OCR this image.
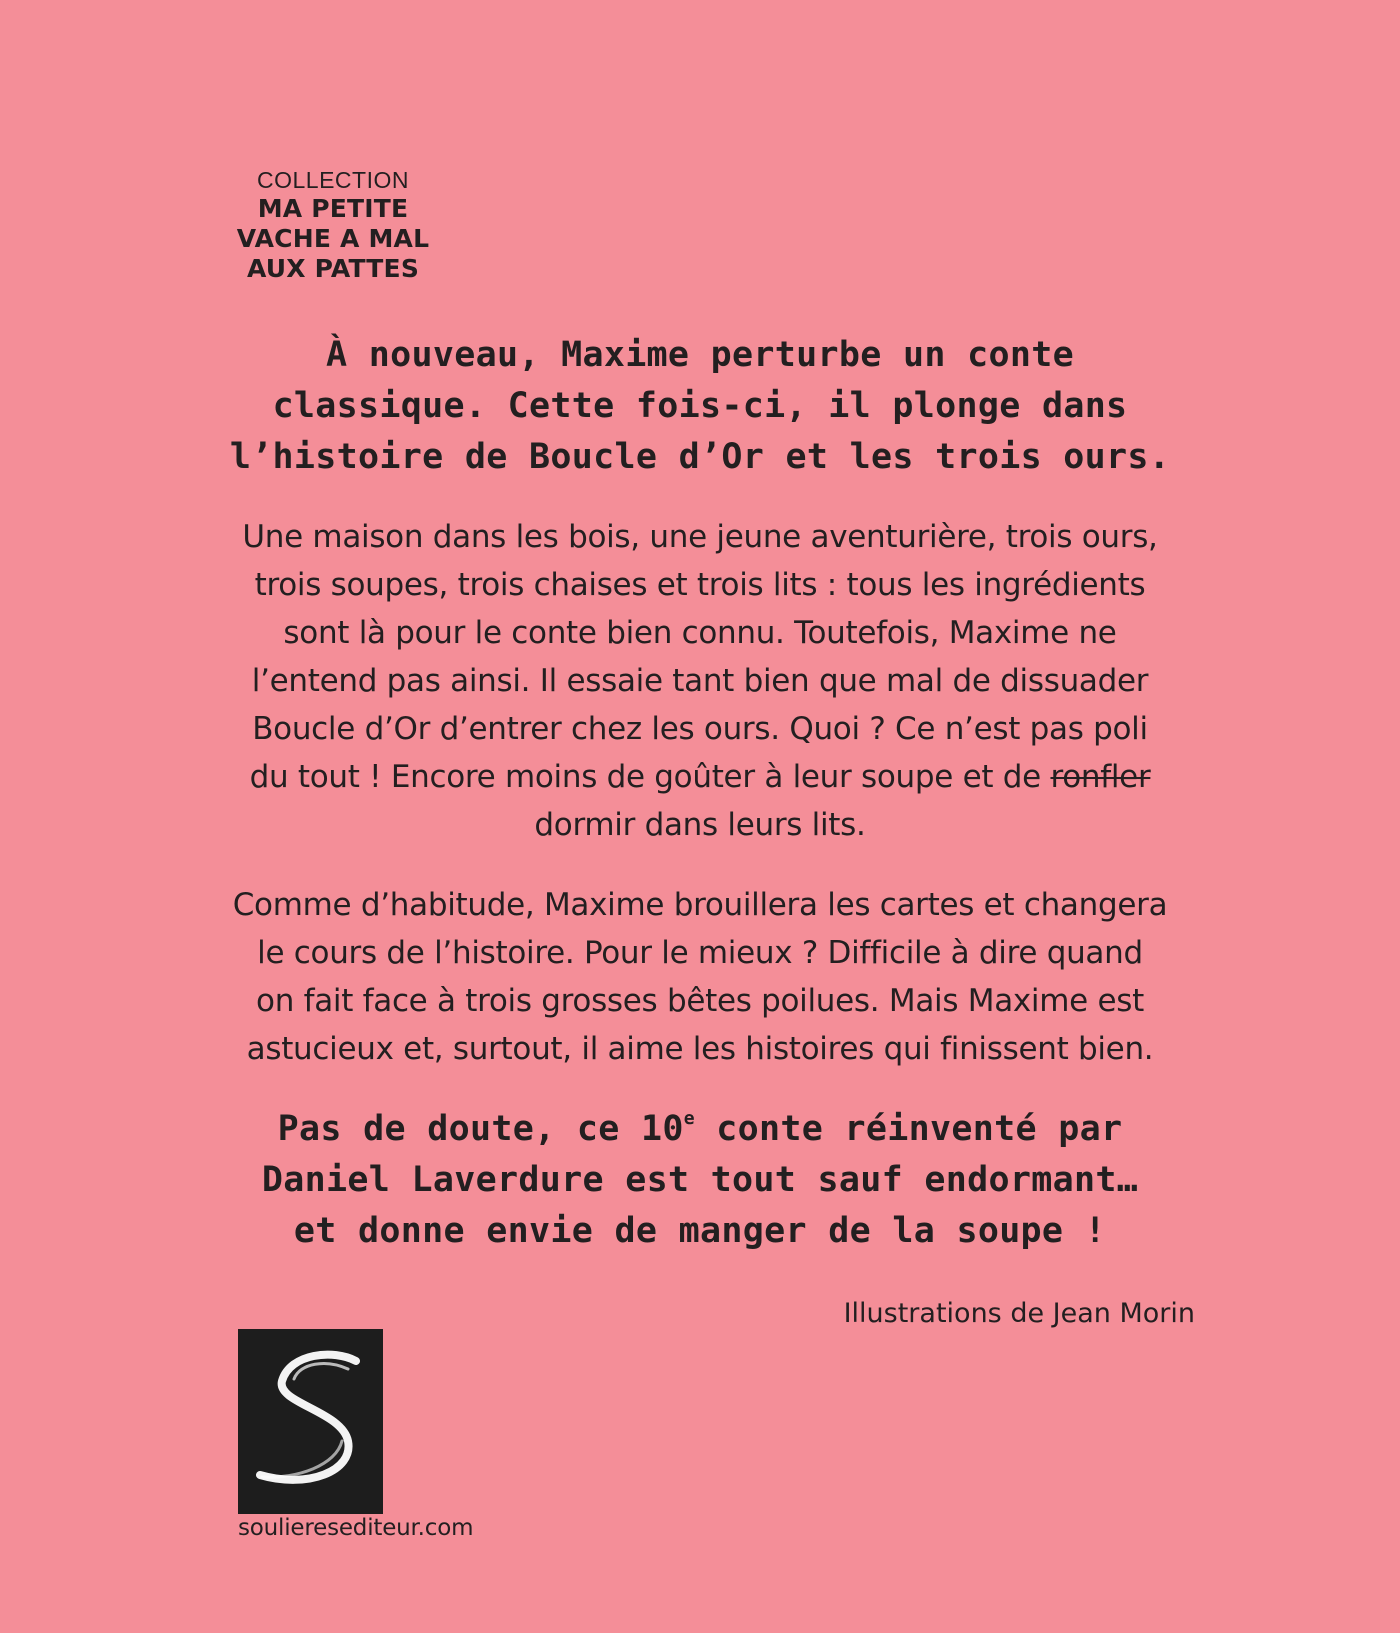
COLLECTION
MA PETITE
VACHE A MAL
AUX PATTES
À nouveau, Maxime perturbe un conte
classique. Cette fois-ci, il plonge dans
l’histoire de Boucle d’Or et les trois ours.
Une maison dans les bois, une jeune aventurière, trois ours,
trois soupes, trois chaises et trois lits : tous les ingrédients
sont là pour le conte bien connu. Toutefois, Maxime ne
l’entend pas ainsi. Il essaie tant bien que mal de dissuader
Boucle d’Or d’entrer chez les ours. Quoi ? Ce n’est pas poli
du tout ! Encore moins de goûter à leur soupe et de ronfler
dormir dans leurs lits.
Comme d’habitude, Maxime brouillera les cartes et changera
le cours de l’histoire. Pour le mieux ? Difficile à dire quand
on fait face à trois grosses bêtes poilues. Mais Maxime est
astucieux et, surtout, il aime les histoires qui finissent bien.
Pas de doute, ce 10e conte réinventé par
Daniel Laverdure est tout sauf endormant…
et donne envie de manger de la soupe !
Illustrations de Jean Morin
soulieresediteur.com
